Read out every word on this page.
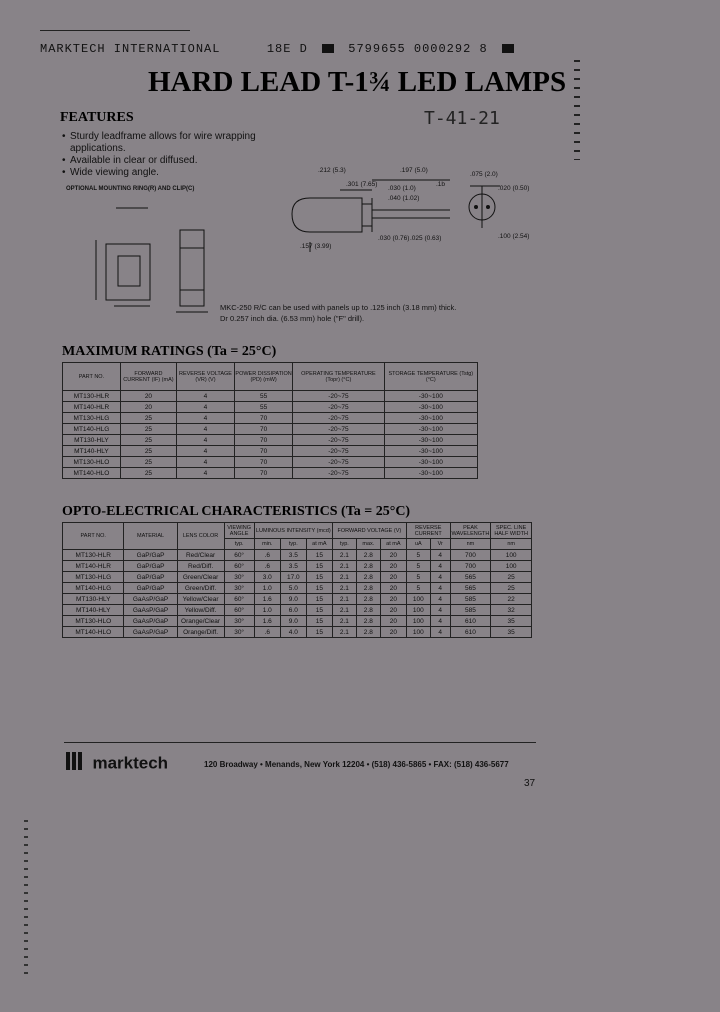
MARKTECH INTERNATIONAL	18E D	5799655 0000292 8
HARD LEAD T-1¾ LED LAMPS
T-41-21
FEATURES
• Sturdy leadframe allows for wire wrapping applications.
• Available in clear or diffused.
• Wide viewing angle.
OPTIONAL MOUNTING RING(R) AND CLIP(C)
.197 (5.0)
.301 (7.65)
.212 (5.3)
.030 (1.0)
.040 (1.02)
.1b
.075 (2.0)
.020 (0.50)
.100 (2.54)
.157 (3.99)
.030 (0.76) .025 (0.63)
MKC-250 R/C can be used with panels up to .125 inch (3.18 mm) thick.
Dr 0.257 inch dia. (6.53 mm) hole ("F" drill).
MAXIMUM RATINGS (Ta = 25°C)
PART NO.	FORWARD CURRENT (IF) (mA)	REVERSE VOLTAGE (VR) (V)	POWER DISSIPATION (PD) (mW)	OPERATING TEMPERATURE (Topr) (°C)	STORAGE TEMPERATURE (Tstg) (°C)
MT130-HLR	20	4	55	-20~75	-30~100
MT140-HLR	20	4	55	-20~75	-30~100
MT130-HLG	25	4	70	-20~75	-30~100
MT140-HLG	25	4	70	-20~75	-30~100
MT130-HLY	25	4	70	-20~75	-30~100
MT140-HLY	25	4	70	-20~75	-30~100
MT130-HLO	25	4	70	-20~75	-30~100
MT140-HLO	25	4	70	-20~75	-30~100
OPTO-ELECTRICAL CHARACTERISTICS (Ta = 25°C)
PART NO.	MATERIAL	LENS COLOR	VIEWING ANGLE	LUMINOUS INTENSITY (mcd)			FORWARD VOLTAGE (V)			REVERSE CURRENT		PEAK WAVELENGTH	SPEC. LINE HALF WIDTH
			typ.	min.	typ.	at mA	typ.	max.	at mA	uA	Vr	nm	nm
MT130-HLR	GaP/GaP	Red/Clear	60°	.6	3.5	15	2.1	2.8	20	5	4	700	100
MT140-HLR	GaP/GaP	Red/Diff.	60°	.6	3.5	15	2.1	2.8	20	5	4	700	100
MT130-HLG	GaP/GaP	Green/Clear	30°	3.0	17.0	15	2.1	2.8	20	5	4	565	25
MT140-HLG	GaP/GaP	Green/Diff.	30°	1.0	5.0	15	2.1	2.8	20	5	4	565	25
MT130-HLY	GaAsP/GaP	Yellow/Clear	60°	1.6	9.0	15	2.1	2.8	20	100	4	585	22
MT140-HLY	GaAsP/GaP	Yellow/Diff.	60°	1.0	6.0	15	2.1	2.8	20	100	4	585	32
MT130-HLO	GaAsP/GaP	Orange/Clear	30°	1.6	9.0	15	2.1	2.8	20	100	4	610	35
MT140-HLO	GaAsP/GaP	Orange/Diff.	30°	.6	4.0	15	2.1	2.8	20	100	4	610	35
marktech	120 Broadway • Menands, New York 12204 • (518) 436-5865 • FAX: (518) 436-5677
37
